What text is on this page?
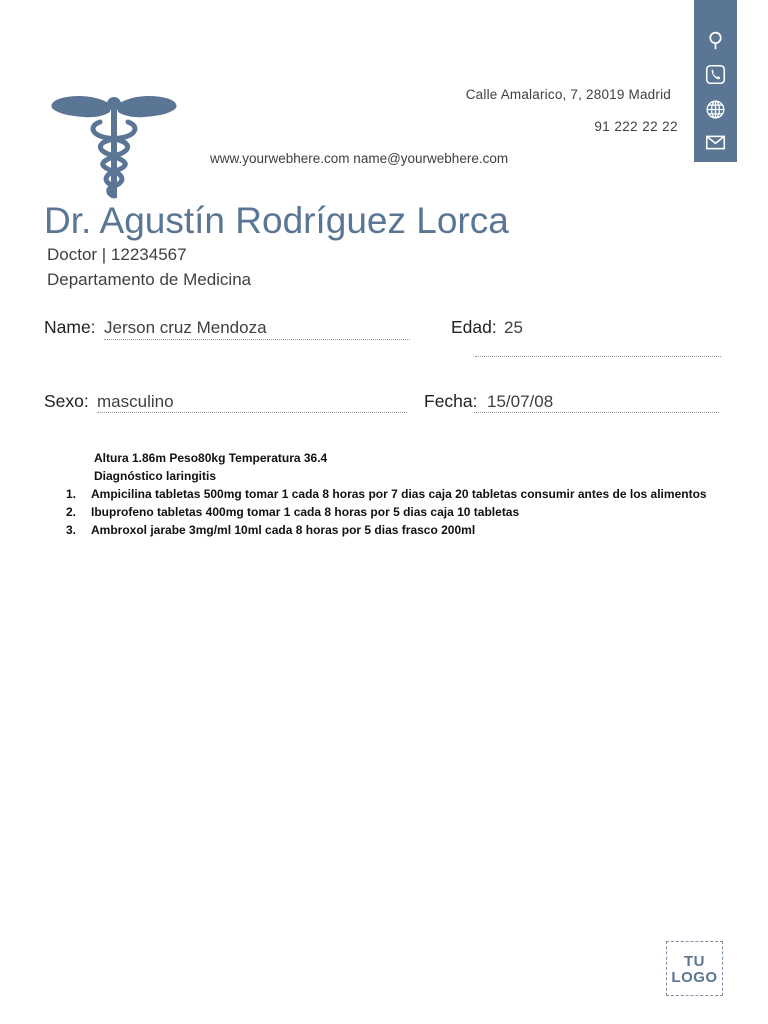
Calle Amalarico, 7, 28019 Madrid
91 222 22 22
www.yourwebhere.com name@yourwebhere.com
Dr. Agustín Rodríguez Lorca
Doctor | 12234567
Departamento de Medicina
Name: Jerson cruz Mendoza	Edad: 25
Sexo: masculino	Fecha: 15/07/08
Altura 1.86m Peso80kg Temperatura 36.4
Diagnóstico laringitis
1.	Ampicilina tabletas 500mg tomar 1 cada 8 horas por 7 dias caja 20 tabletas consumir antes de los alimentos
2.	Ibuprofeno tabletas 400mg tomar 1 cada 8 horas por 5 dias caja 10 tabletas
3.	Ambroxol jarabe 3mg/ml 10ml cada 8 horas por 5 dias frasco 200ml
TU
LOGO
